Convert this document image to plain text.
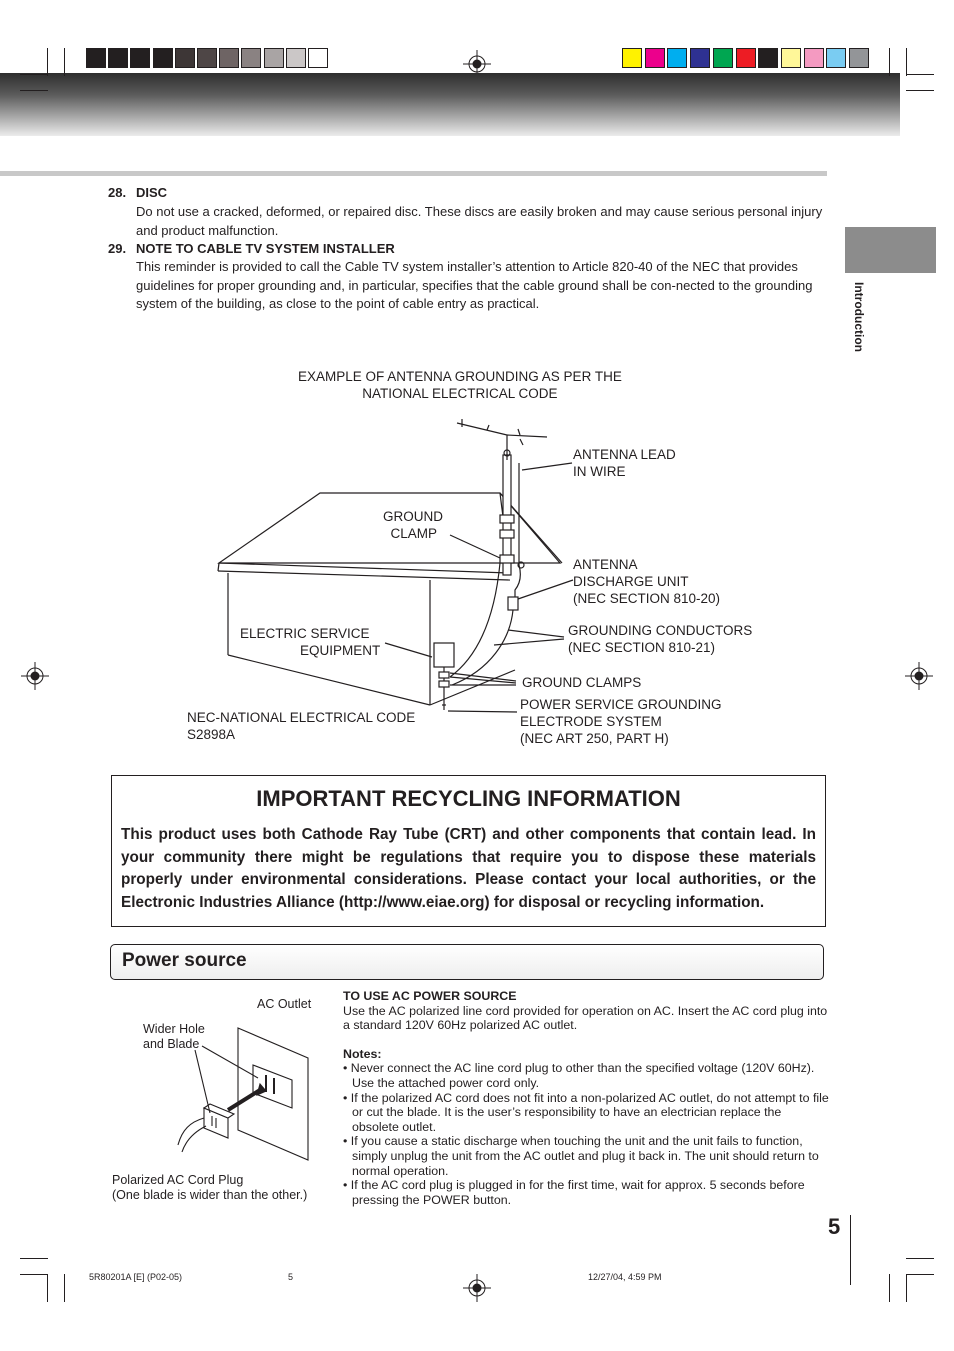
Introduction
28. DISC
Do not use a cracked, deformed, or repaired disc. These discs are easily broken and may cause serious personal injury and product malfunction.
29. NOTE TO CABLE TV SYSTEM INSTALLER
This reminder is provided to call the Cable TV system installer’s attention to Article 820-40 of the NEC that provides guidelines for proper grounding and, in particular, specifies that the cable ground shall be con-nected to the grounding system of the building, as close to the point of cable entry as practical.
EXAMPLE OF ANTENNA GROUNDING AS PER THE
NATIONAL ELECTRICAL CODE
ANTENNA LEAD
IN WIRE
GROUND
CLAMP
ANTENNA
DISCHARGE UNIT
(NEC SECTION 810-20)
ELECTRIC SERVICE
EQUIPMENT
GROUNDING CONDUCTORS
(NEC SECTION 810-21)
GROUND CLAMPS
NEC-NATIONAL ELECTRICAL CODE
S2898A
POWER SERVICE GROUNDING
ELECTRODE SYSTEM
(NEC ART 250, PART H)
IMPORTANT RECYCLING INFORMATION
This product uses both Cathode Ray Tube (CRT) and other components that contain lead. In your community there might be regulations that require you to dispose these materials properly under environmental considerations. Please contact your local authorities, or the Electronic Industries Alliance (http://www.eiae.org) for disposal or recycling information.
Power source
AC Outlet
Wider Hole
and Blade
Polarized AC Cord Plug
(One blade is wider than the other.)
TO USE AC POWER SOURCE
Use the AC polarized line cord provided for operation on AC. Insert the AC cord plug into a standard 120V 60Hz polarized AC outlet.
Notes:
• Never connect the AC line cord plug to other than the specified voltage (120V 60Hz). Use the attached power cord only.
• If the polarized AC cord does not fit into a non-polarized AC outlet, do not attempt to file or cut the blade. It is the user’s responsibility to have an electrician replace the obsolete outlet.
• If you cause a static discharge when touching the unit and the unit fails to function, simply unplug the unit from the AC outlet and plug it back in. The unit should return to normal operation.
• If the AC cord plug is plugged in for the first time, wait for approx. 5 seconds before pressing the POWER button.
5
5R80201A [E] (P02-05)	5	12/27/04, 4:59 PM
